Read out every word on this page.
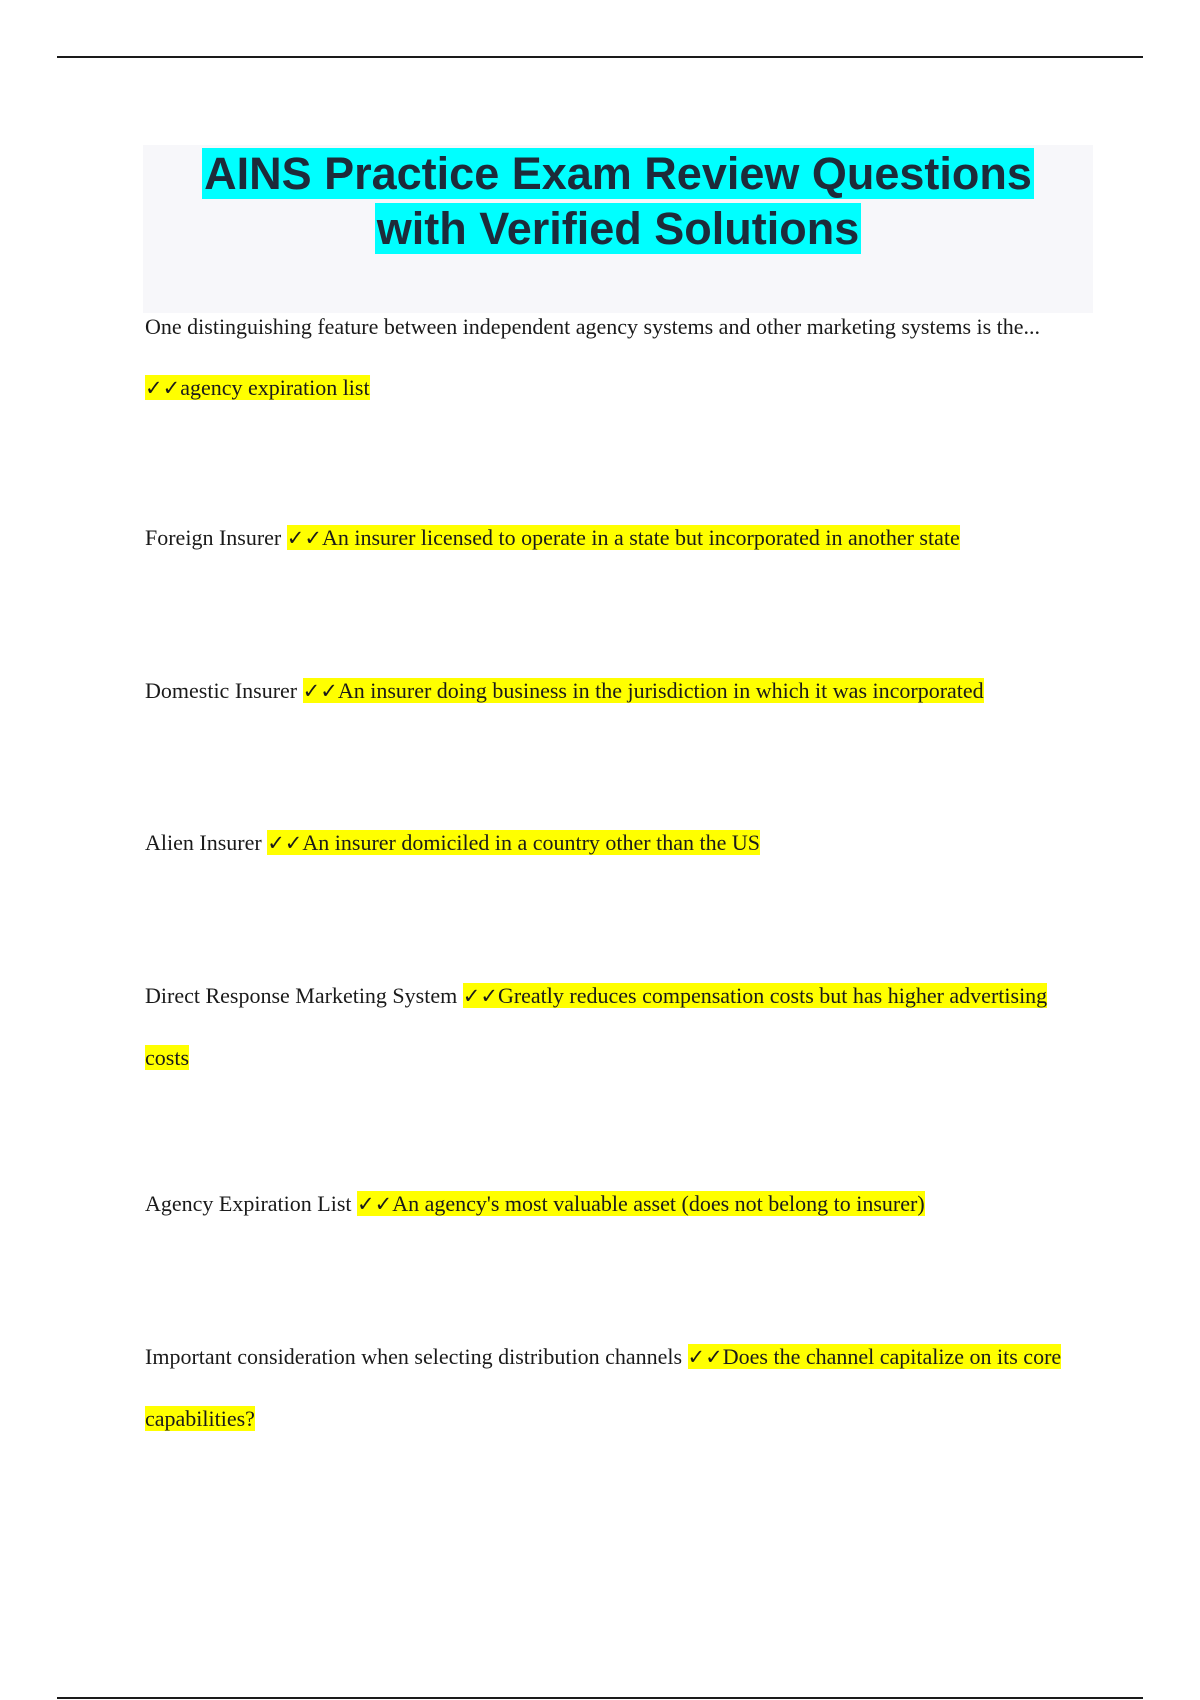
AINS Practice Exam Review Questions
with Verified Solutions

One distinguishing feature between independent agency systems and other marketing systems is the... ✓✓agency expiration list

Foreign Insurer ✓✓An insurer licensed to operate in a state but incorporated in another state

Domestic Insurer ✓✓An insurer doing business in the jurisdiction in which it was incorporated

Alien Insurer ✓✓An insurer domiciled in a country other than the US

Direct Response Marketing System ✓✓Greatly reduces compensation costs but has higher advertising costs

Agency Expiration List ✓✓An agency's most valuable asset (does not belong to insurer)

Important consideration when selecting distribution channels ✓✓Does the channel capitalize on its core capabilities?
